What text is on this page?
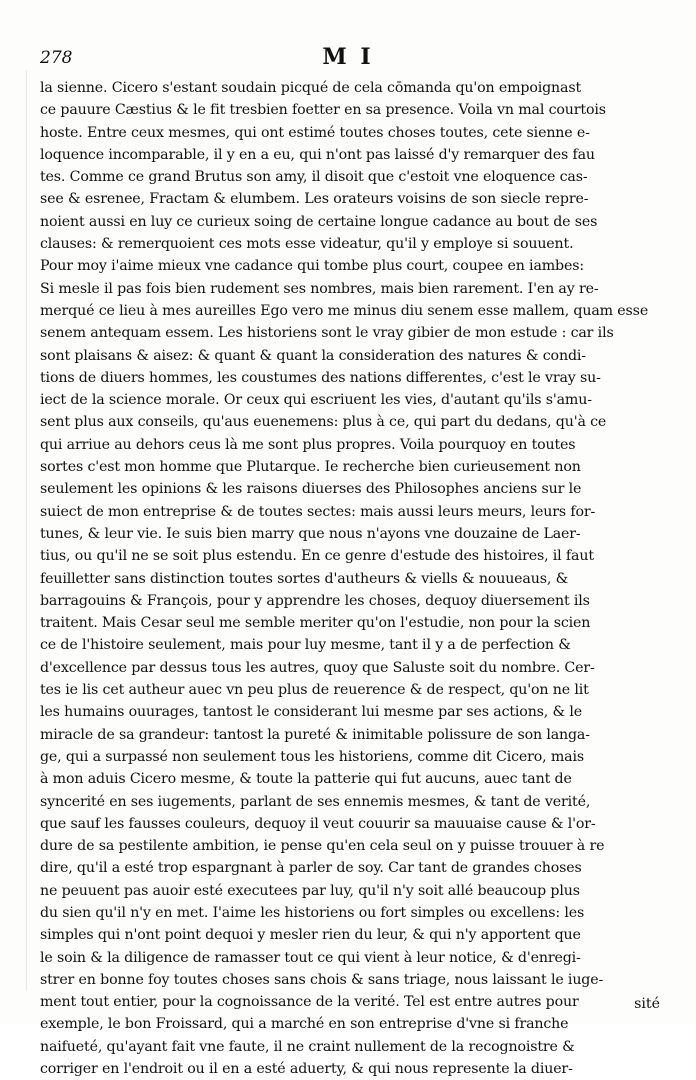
278	M I
la sienne. Cicero s'estant soudain picqué de cela cōmanda qu'on empoignast
ce pauure Cæstius & le fit tresbien foetter en sa presence. Voila vn mal courtois
hoste. Entre ceux mesmes, qui ont estimé toutes choses toutes, cete sienne e-
loquence incomparable, il y en a eu, qui n'ont pas laissé d'y remarquer des fau
tes. Comme ce grand Brutus son amy, il disoit que c'estoit vne eloquence cas-
see & esrenee, Fractam & elumbem. Les orateurs voisins de son siecle repre-
noient aussi en luy ce curieux soing de certaine longue cadance au bout de ses
clauses: & remerquoient ces mots esse videatur, qu'il y employe si souuent.
Pour moy i'aime mieux vne cadance qui tombe plus court, coupee en iambes:
Si mesle il pas fois bien rudement ses nombres, mais bien rarement. I'en ay re-
merqué ce lieu à mes aureilles Ego vero me minus diu senem esse mallem, quam esse
senem antequam essem. Les historiens sont le vray gibier de mon estude : car ils
sont plaisans & aisez: & quant & quant la consideration des natures & condi-
tions de diuers hommes, les coustumes des nations differentes, c'est le vray su-
iect de la science morale. Or ceux qui escriuent les vies, d'autant qu'ils s'amu-
sent plus aux conseils, qu'aus euenemens: plus à ce, qui part du dedans, qu'à ce
qui arriue au dehors ceus là me sont plus propres. Voila pourquoy en toutes
sortes c'est mon homme que Plutarque. Ie recherche bien curieusement non
seulement les opinions & les raisons diuerses des Philosophes anciens sur le
suiect de mon entreprise & de toutes sectes: mais aussi leurs meurs, leurs for-
tunes, & leur vie. Ie suis bien marry que nous n'ayons vne douzaine de Laer-
tius, ou qu'il ne se soit plus estendu. En ce genre d'estude des histoires, il faut
feuilletter sans distinction toutes sortes d'autheurs & viells & nouueaus, &
barragouins & François, pour y apprendre les choses, dequoy diuersement ils
traitent. Mais Cesar seul me semble meriter qu'on l'estudie, non pour la scien
ce de l'histoire seulement, mais pour luy mesme, tant il y a de perfection &
d'excellence par dessus tous les autres, quoy que Saluste soit du nombre. Cer-
tes ie lis cet autheur auec vn peu plus de reuerence & de respect, qu'on ne lit
les humains ouurages, tantost le considerant lui mesme par ses actions, & le
miracle de sa grandeur: tantost la pureté & inimitable polissure de son langa-
ge, qui a surpassé non seulement tous les historiens, comme dit Cicero, mais
à mon aduis Cicero mesme, & toute la patterie qui fut aucuns, auec tant de
syncerité en ses iugements, parlant de ses ennemis mesmes, & tant de verité,
que sauf les fausses couleurs, dequoy il veut couurir sa mauuaise cause & l'or-
dure de sa pestilente ambition, ie pense qu'en cela seul on y puisse trouuer à re
dire, qu'il a esté trop espargnant à parler de soy. Car tant de grandes choses
ne peuuent pas auoir esté executees par luy, qu'il n'y soit allé beaucoup plus
du sien qu'il n'y en met. I'aime les historiens ou fort simples ou excellens: les
simples qui n'ont point dequoi y mesler rien du leur, & qui n'y apportent que
le soin & la diligence de ramasser tout ce qui vient à leur notice, & d'enregi-
strer en bonne foy toutes choses sans chois & sans triage, nous laissant le iuge-
ment tout entier, pour la cognoissance de la verité. Tel est entre autres pour
exemple, le bon Froissard, qui a marché en son entreprise d'vne si franche
naifueté, qu'ayant fait vne faute, il ne craint nullement de la recognoistre &
corriger en l'endroit ou il en a esté aduerty, & qui nous represente la diuer-
sité
